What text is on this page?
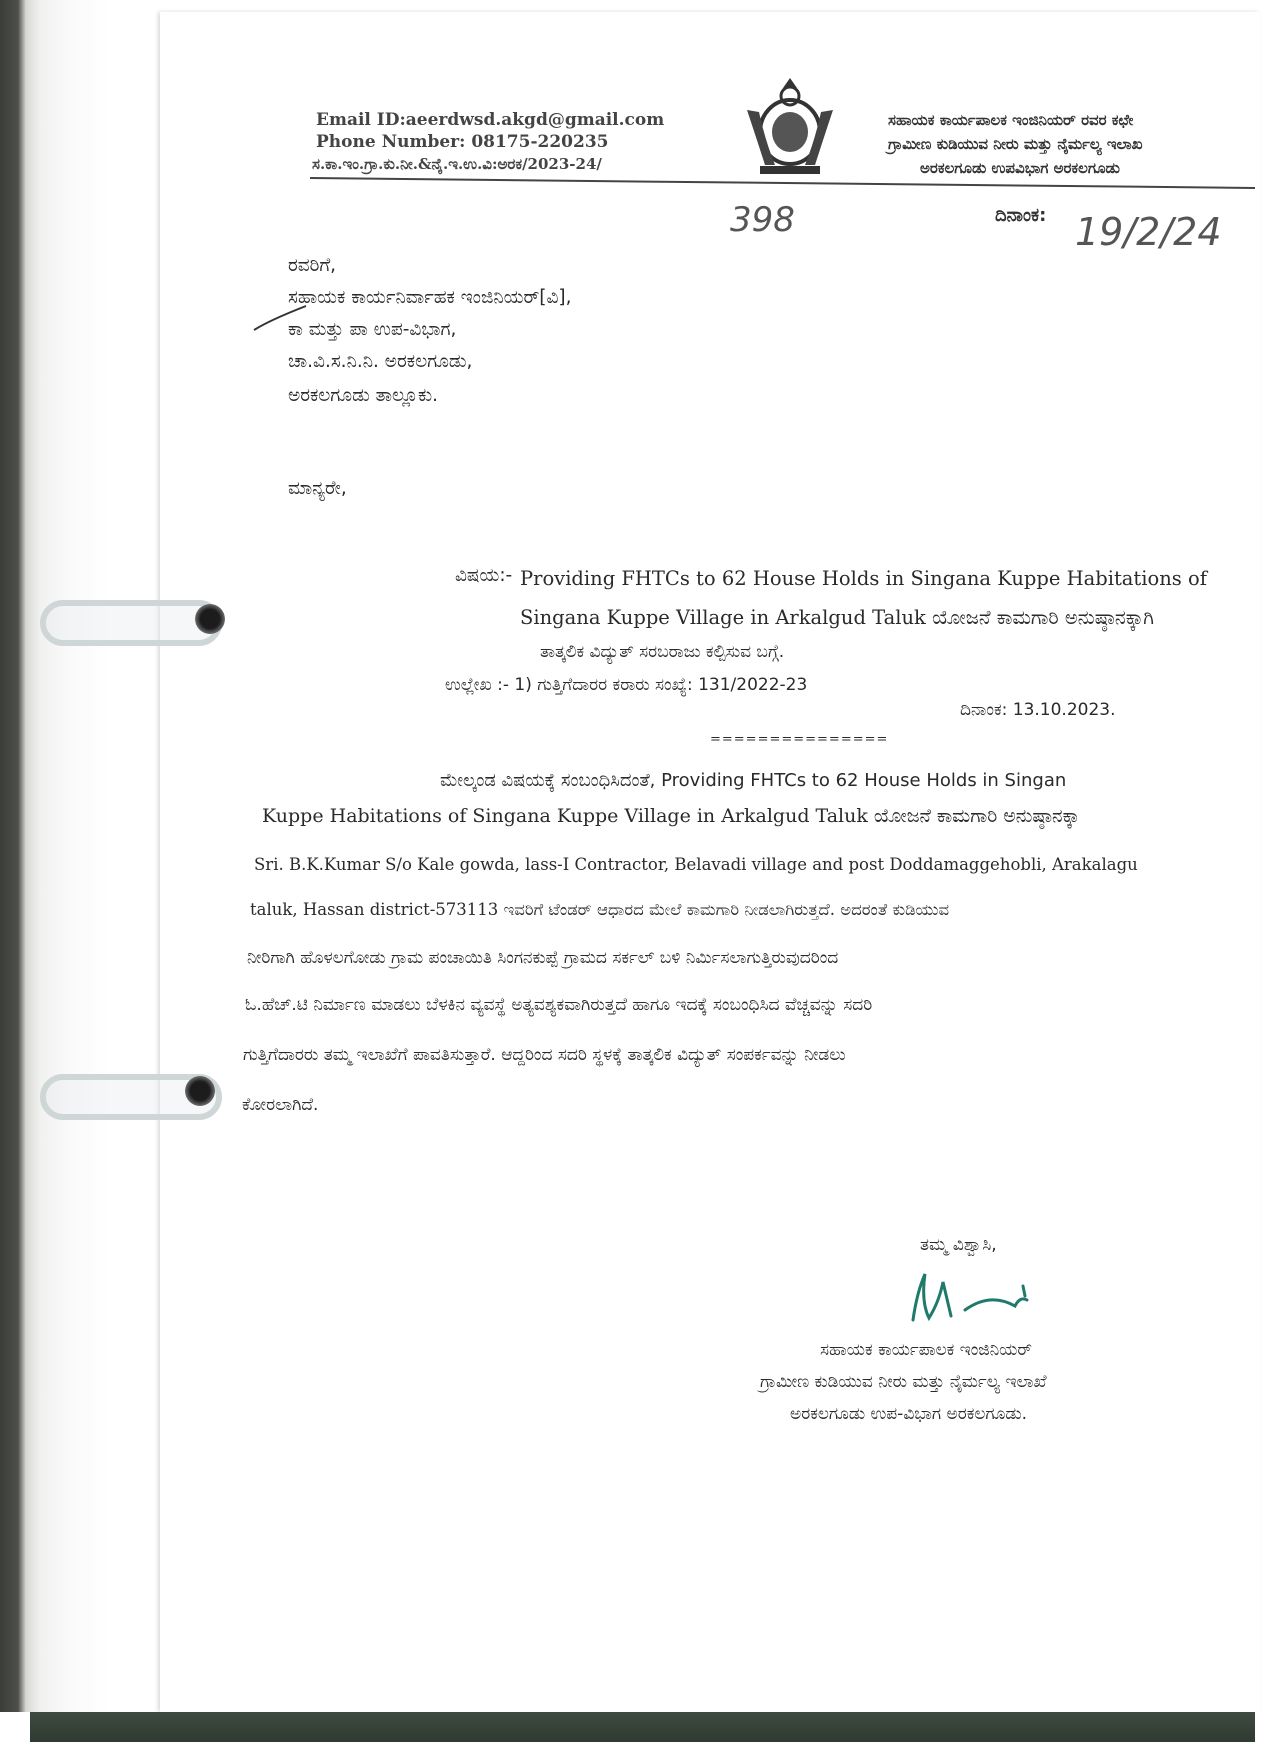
Email ID:aeerdwsd.akgd@gmail.com
Phone Number: 08175-220235
ಸ.ಕಾ.ಇಂ.ಗ್ರಾ.ಕು.ನೀ.&ನೈ.ಇ.ಉ.ವಿ:ಅರಕ/2023-24/
ಸಹಾಯಕ ಕಾರ್ಯಪಾಲಕ ಇಂಜಿನಿಯರ್ ರವರ ಕಛೇ
ಗ್ರಾಮೀಣ ಕುಡಿಯುವ ನೀರು ಮತ್ತು ನೈರ್ಮಲ್ಯ ಇಲಾಖ
ಅರಕಲಗೂಡು ಉಪವಿಭಾಗ ಅರಕಲಗೂಡು
398	ದಿನಾಂಕ: 19/2/24
ರವರಿಗೆ,
ಸಹಾಯಕ ಕಾರ್ಯನಿರ್ವಾಹಕ ಇಂಜಿನಿಯರ್[ವಿ],
ಕಾ ಮತ್ತು ಪಾ ಉಪ-ವಿಭಾಗ,
ಚಾ.ವಿ.ಸ.ನಿ.ನಿ. ಅರಕಲಗೂಡು,
ಅರಕಲಗೂಡು ತಾಲ್ಲೂಕು.
ಮಾನ್ಯರೇ,
ವಿಷಯ:- Providing FHTCs to 62 House Holds in Singana Kuppe Habitations of
Singana Kuppe Village in Arkalgud Taluk ಯೋಜನೆ ಕಾಮಗಾರಿ ಅನುಷ್ಠಾನಕ್ಕಾಗಿ
ತಾತ್ಕಲಿಕ ವಿದ್ಯುತ್ ಸರಬರಾಜು ಕಲ್ಪಿಸುವ ಬಗ್ಗೆ.
ಉಲ್ಲೇಖ :- 1) ಗುತ್ತಿಗೆದಾರರ ಕರಾರು ಸಂಖ್ಯೆ: 131/2022-23
ದಿನಾಂಕ: 13.10.2023.
===============
ಮೇಲ್ಕಂಡ ವಿಷಯಕ್ಕೆ ಸಂಬಂಧಿಸಿದಂತೆ, Providing FHTCs to 62 House Holds in Singan
Kuppe Habitations of Singana Kuppe Village in Arkalgud Taluk ಯೋಜನೆ ಕಾಮಗಾರಿ ಅನುಷ್ಠಾನಕ್ಕಾ
Sri. B.K.Kumar S/o Kale gowda, lass-I Contractor, Belavadi village and post Doddamaggehobli, Arakalagu
taluk, Hassan district-573113 ಇವರಿಗೆ ಟೆಂಡರ್ ಆಧಾರದ ಮೇಲೆ ಕಾಮಗಾರಿ ನೀಡಲಾಗಿರುತ್ತದೆ. ಅದರಂತೆ ಕುಡಿಯುವ
ನೀರಿಗಾಗಿ ಹೊಳಲಗೋಡು ಗ್ರಾಮ ಪಂಚಾಯಿತಿ ಸಿಂಗನಕುಪ್ಪೆ ಗ್ರಾಮದ ಸರ್ಕಲ್ ಬಳಿ ನಿರ್ಮಿಸಲಾಗುತ್ತಿರುವುದರಿಂದ
ಓ.ಹೆಚ್.ಟಿ ನಿರ್ಮಾಣ ಮಾಡಲು ಬೆಳಕಿನ ವ್ಯವಸ್ಥೆ ಅತ್ಯವಶ್ಯಕವಾಗಿರುತ್ತದೆ ಹಾಗೂ ಇದಕ್ಕೆ ಸಂಬಂಧಿಸಿದ ವೆಚ್ಚವನ್ನು ಸದರಿ
ಗುತ್ತಿಗೆದಾರರು ತಮ್ಮ ಇಲಾಖೆಗೆ ಪಾವತಿಸುತ್ತಾರೆ. ಆದ್ದರಿಂದ ಸದರಿ ಸ್ಥಳಕ್ಕೆ ತಾತ್ಕಲಿಕ ವಿದ್ಯುತ್ ಸಂಪರ್ಕವನ್ನು ನೀಡಲು
ಕೋರಲಾಗಿದೆ.
ತಮ್ಮ ವಿಶ್ವಾಸಿ,
ಸಹಾಯಕ ಕಾರ್ಯಪಾಲಕ ಇಂಜಿನಿಯರ್
ಗ್ರಾಮೀಣ ಕುಡಿಯುವ ನೀರು ಮತ್ತು ನೈರ್ಮಲ್ಯ ಇಲಾಖೆ
ಅರಕಲಗೂಡು ಉಪ-ವಿಭಾಗ ಅರಕಲಗೂಡು.
